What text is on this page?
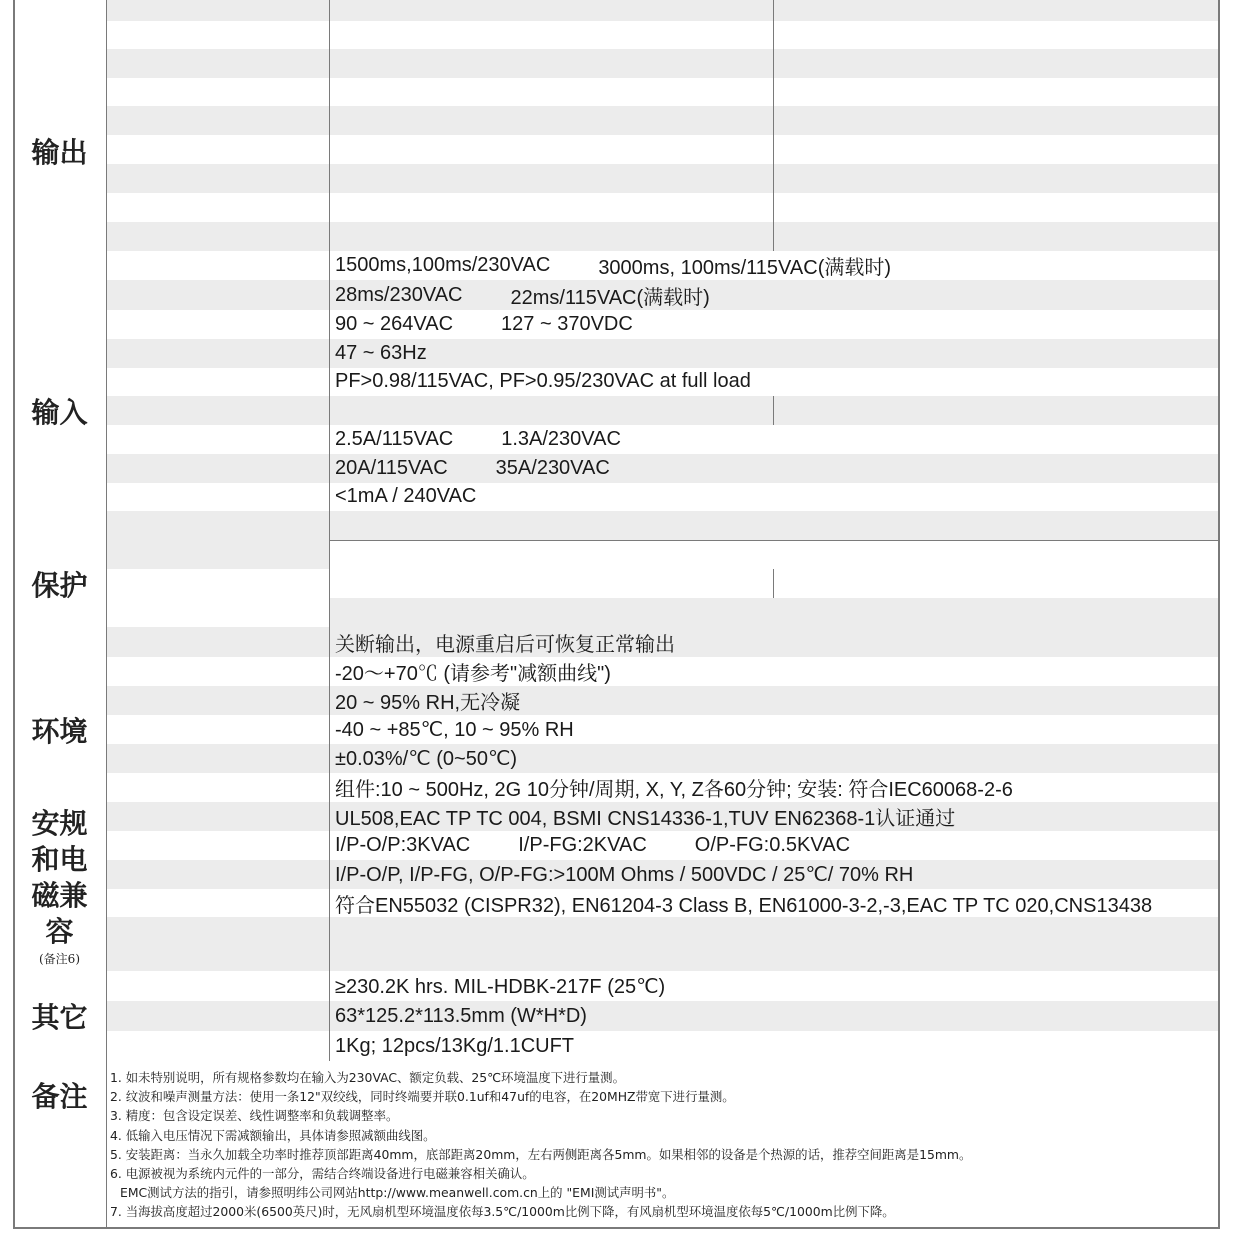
输出
1500ms,100ms/230VAC 3000ms, 100ms/115VAC(满载时)
28ms/230VAC 22ms/115VAC(满载时)
输入
90 ~ 264VAC 127 ~ 370VDC
47 ~ 63Hz
PF>0.98/115VAC, PF>0.95/230VAC at full load
2.5A/115VAC 1.3A/230VAC
20A/115VAC 35A/230VAC
<1mA / 240VAC
保护
关断输出，电源重启后可恢复正常输出
环境
-20～+70℃ (请参考"减额曲线")
20 ~ 95% RH,无冷凝
-40 ~ +85℃, 10 ~ 95% RH
±0.03%/℃ (0~50℃)
组件:10 ~ 500Hz, 2G 10分钟/周期, X, Y, Z各60分钟; 安装: 符合IEC60068-2-6
安规和电磁兼容
(备注6)
UL508,EAC TP TC 004, BSMI CNS14336-1,TUV EN62368-1认证通过
I/P-O/P:3KVAC I/P-FG:2KVAC O/P-FG:0.5KVAC
I/P-O/P, I/P-FG, O/P-FG:>100M Ohms / 500VDC / 25℃/ 70% RH
符合EN55032 (CISPR32), EN61204-3 Class B, EN61000-3-2,-3,EAC TP TC 020,CNS13438
其它
≥230.2K hrs. MIL-HDBK-217F (25℃)
63*125.2*113.5mm (W*H*D)
1Kg; 12pcs/13Kg/1.1CUFT
备注
1. 如未特别说明，所有规格参数均在输入为230VAC、额定负载、25℃环境温度下进行量测。
2. 纹波和噪声测量方法：使用一条12"双绞线，同时终端要并联0.1uf和47uf的电容，在20MHZ带宽下进行量测。
3. 精度：包含设定误差、线性调整率和负载调整率。
4. 低输入电压情况下需减额输出，具体请参照减额曲线图。
5. 安装距离：当永久加载全功率时推荐顶部距离40mm，底部距离20mm，左右两侧距离各5mm。如果相邻的设备是个热源的话，推荐空间距离是15mm。
6. 电源被视为系统内元件的一部分，需结合终端设备进行电磁兼容相关确认。
EMC测试方法的指引，请参照明纬公司网站http://www.meanwell.com.cn上的 "EMI测试声明书"。
7. 当海拔高度超过2000米(6500英尺)时，无风扇机型环境温度依每3.5℃/1000m比例下降，有风扇机型环境温度依每5℃/1000m比例下降。
